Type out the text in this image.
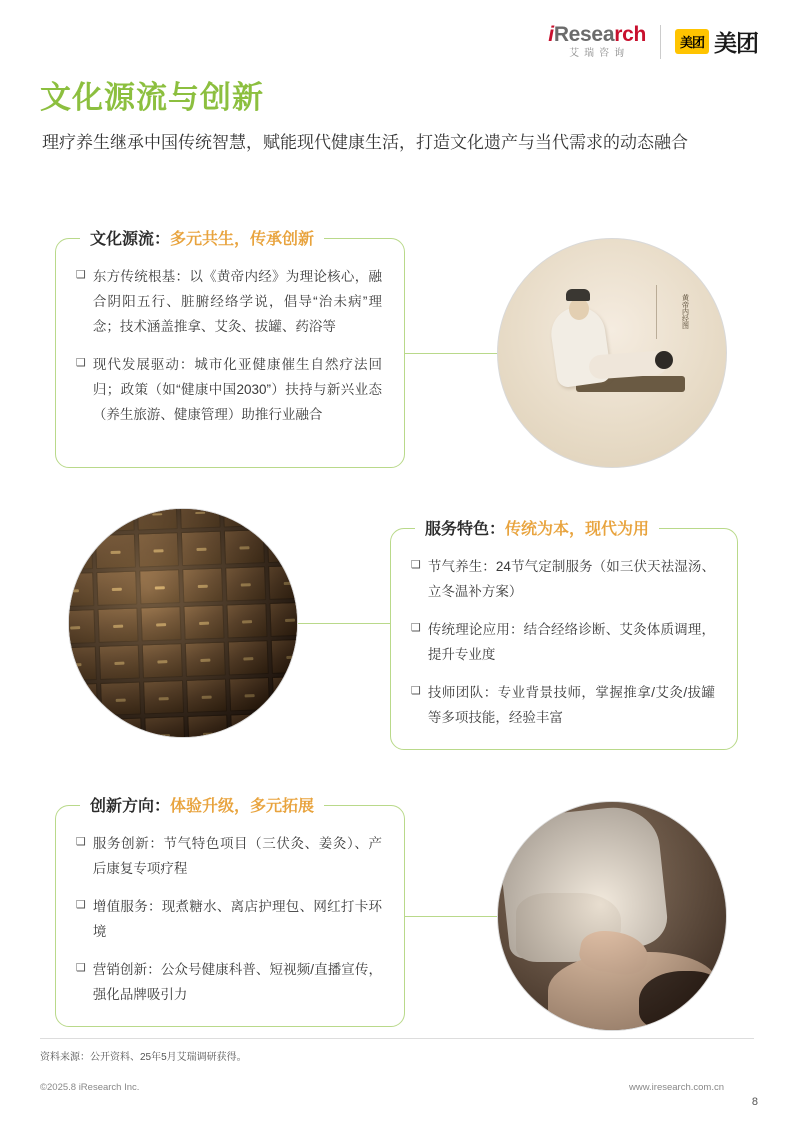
iResearch
艾瑞咨询
美团 美团
文化源流与创新
理疗养生继承中国传统智慧，赋能现代健康生活，打造文化遗产与当代需求的动态融合
文化源流：多元共生，传承创新
❑ 东方传统根基：以《黄帝内经》为理论核心，融合阴阳五行、脏腑经络学说，倡导“治未病”理念；技术涵盖推拿、艾灸、拔罐、药浴等
❑ 现代发展驱动：城市化亚健康催生自然疗法回归；政策（如“健康中国2030”）扶持与新兴业态（养生旅游、健康管理）助推行业融合
黄帝内经图
服务特色：传统为本，现代为用
❑ 节气养生：24节气定制服务（如三伏天祛湿汤、立冬温补方案）
❑ 传统理论应用：结合经络诊断、艾灸体质调理，提升专业度
❑ 技师团队：专业背景技师，掌握推拿/艾灸/拔罐等多项技能，经验丰富
创新方向：体验升级，多元拓展
❑ 服务创新：节气特色项目（三伏灸、姜灸）、产后康复专项疗程
❑ 增值服务：现煮糖水、离店护理包、网红打卡环境
❑ 营销创新：公众号健康科普、短视频/直播宣传，强化品牌吸引力
资料来源：公开资料、25年5月艾瑞调研获得。
©2025.8 iResearch Inc.	www.iresearch.com.cn
8
